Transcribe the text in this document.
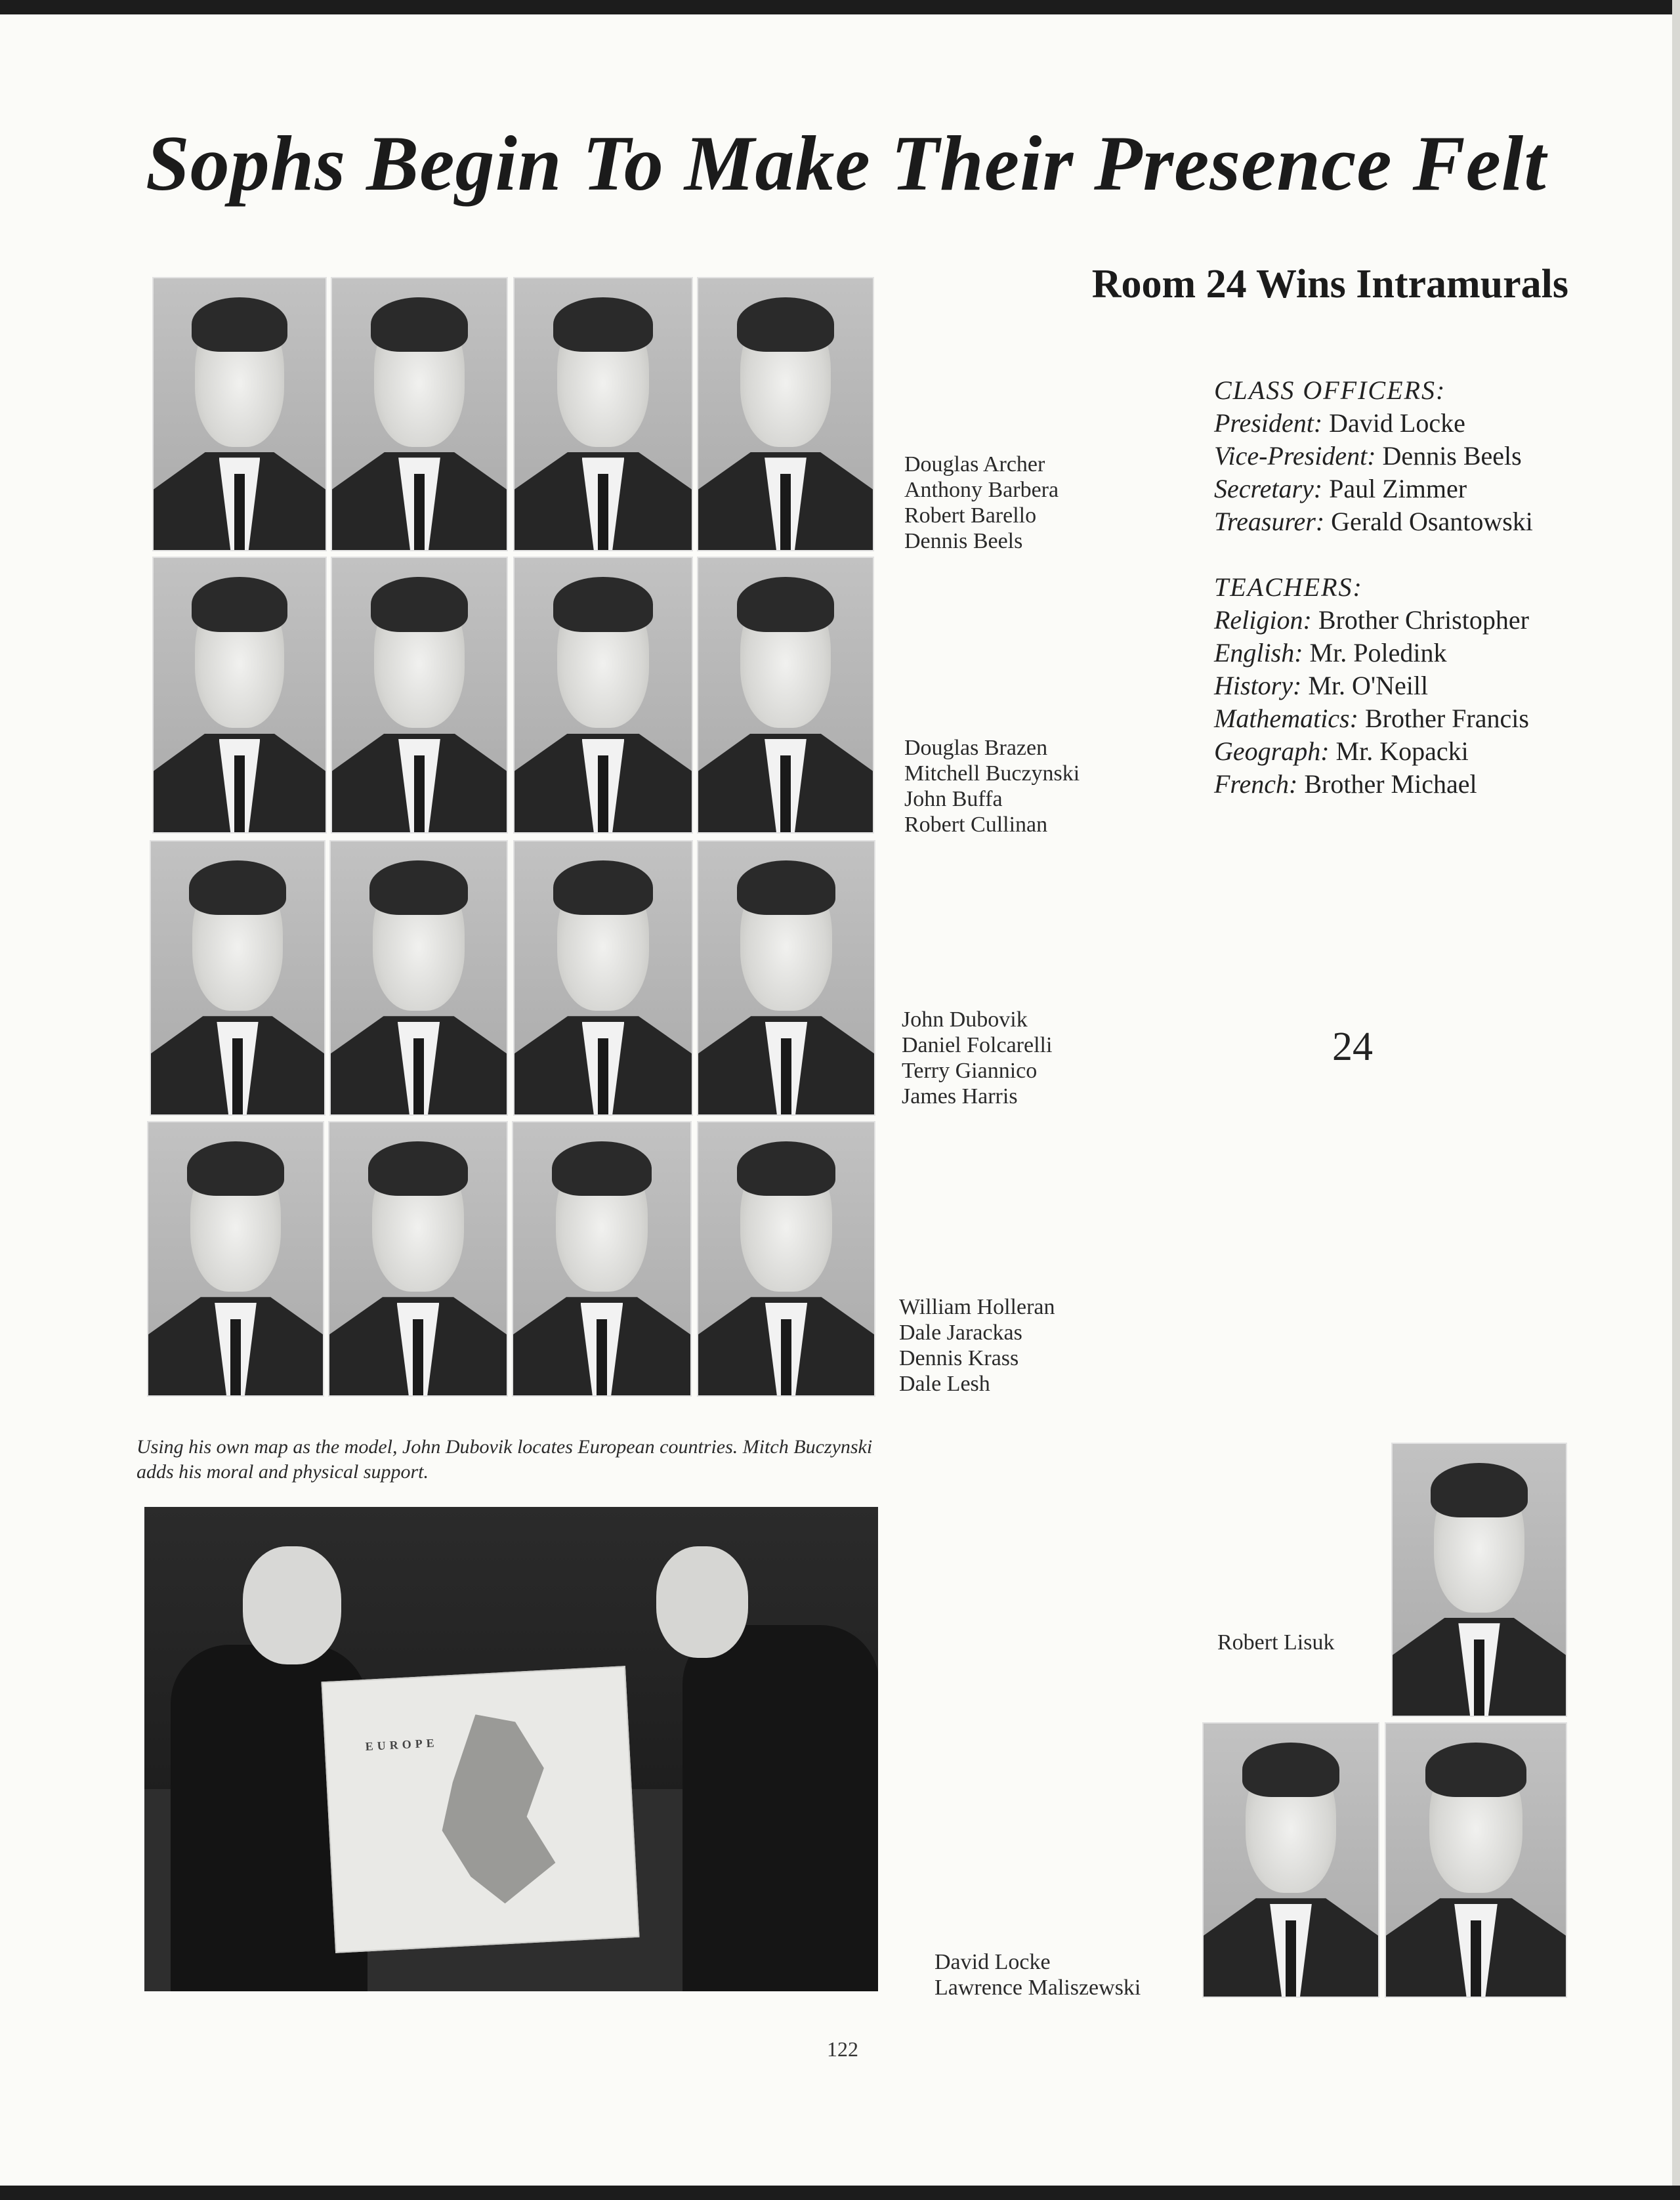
Sophs Begin To Make Their Presence Felt
Room 24 Wins Intramurals
Douglas Archer
Anthony Barbera
Robert Barello
Dennis Beels
Douglas Brazen
Mitchell Buczynski
John Buffa
Robert Cullinan
John Dubovik
Daniel Folcarelli
Terry Giannico
James Harris
William Holleran
Dale Jarackas
Dennis Krass
Dale Lesh
CLASS OFFICERS:
President: David Locke
Vice-President: Dennis Beels
Secretary: Paul Zimmer
Treasurer: Gerald Osantowski
TEACHERS:
Religion: Brother Christopher
English: Mr. Poledink
History: Mr. O'Neill
Mathematics: Brother Francis
Geograph: Mr. Kopacki
French: Brother Michael
24
Using his own map as the model, John Dubovik locates European countries. Mitch Buczynski adds his moral and physical support.
EUROPE
Robert Lisuk
David Locke
Lawrence Maliszewski
122
